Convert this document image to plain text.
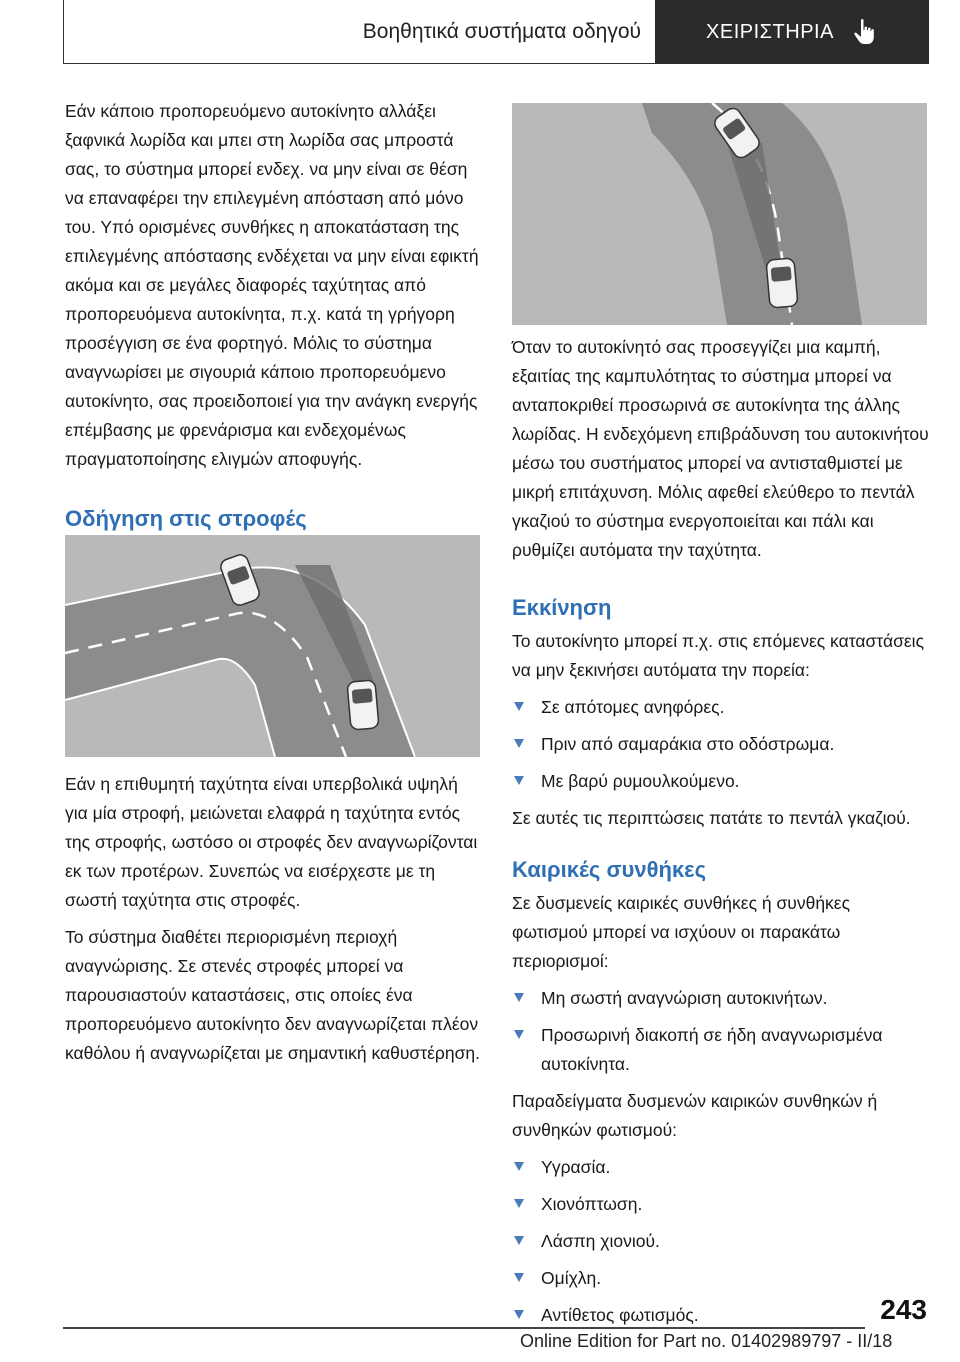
Βοηθητικά συστήματα οδηγού	ΧΕΙΡΙΣΤΗΡΙΑ

Εάν κάποιο προπορευόμενο αυτοκίνητο αλλάξει ξαφνικά λωρίδα και μπει στη λωρίδα σας μπροστά σας, το σύστημα μπορεί ενδεχ. να μην είναι σε θέση να επαναφέρει την επιλεγμένη απόσταση από μόνο του. Υπό ορισμένες συνθήκες η αποκατάσταση της επιλεγμένης απόστασης ενδέχεται να μην είναι εφικτή ακόμα και σε μεγάλες διαφορές ταχύτητας από προπορευόμενα αυτοκίνητα, π.χ. κατά τη γρήγορη προσέγγιση σε ένα φορτηγό. Μόλις το σύστημα αναγνωρίσει με σιγουριά κάποιο προπορευόμενο αυτοκίνητο, σας προειδοποιεί για την ανάγκη ενεργής επέμβασης με φρενάρισμα και ενδεχομένως πραγματοποίησης ελιγμών αποφυγής.

Οδήγηση στις στροφές

Εάν η επιθυμητή ταχύτητα είναι υπερβολικά υψηλή για μία στροφή, μειώνεται ελαφρά η ταχύτητα εντός της στροφής, ωστόσο οι στροφές δεν αναγνωρίζονται εκ των προτέρων. Συνεπώς να εισέρχεστε με τη σωστή ταχύτητα στις στροφές.

Το σύστημα διαθέτει περιορισμένη περιοχή αναγνώρισης. Σε στενές στροφές μπορεί να παρουσιαστούν καταστάσεις, στις οποίες ένα προπορευόμενο αυτοκίνητο δεν αναγνωρίζεται πλέον καθόλου ή αναγνωρίζεται με σημαντική καθυστέρηση.

Όταν το αυτοκίνητό σας προσεγγίζει μια καμπή, εξαιτίας της καμπυλότητας το σύστημα μπορεί να ανταποκριθεί προσωρινά σε αυτοκίνητα της άλλης λωρίδας. Η ενδεχόμενη επιβράδυνση του αυτοκινήτου μέσω του συστήματος μπορεί να αντισταθμιστεί με μικρή επιτάχυνση. Μόλις αφεθεί ελεύθερο το πεντάλ γκαζιού το σύστημα ενεργοποιείται και πάλι και ρυθμίζει αυτόματα την ταχύτητα.

Εκκίνηση

Το αυτοκίνητο μπορεί π.χ. στις επόμενες καταστάσεις να μην ξεκινήσει αυτόματα την πορεία:

Σε απότομες ανηφόρες.
Πριν από σαμαράκια στο οδόστρωμα.
Με βαρύ ρυμουλκούμενο.

Σε αυτές τις περιπτώσεις πατάτε το πεντάλ γκαζιού.

Καιρικές συνθήκες

Σε δυσμενείς καιρικές συνθήκες ή συνθήκες φωτισμού μπορεί να ισχύουν οι παρακάτω περιορισμοί:

Μη σωστή αναγνώριση αυτοκινήτων.
Προσωρινή διακοπή σε ήδη αναγνωρισμένα αυτοκίνητα.

Παραδείγματα δυσμενών καιρικών συνθηκών ή συνθηκών φωτισμού:

Υγρασία.
Χιονόπτωση.
Λάσπη χιονιού.
Ομίχλη.
Αντίθετος φωτισμός.	243
Online Edition for Part no. 01402989797 - II/18
